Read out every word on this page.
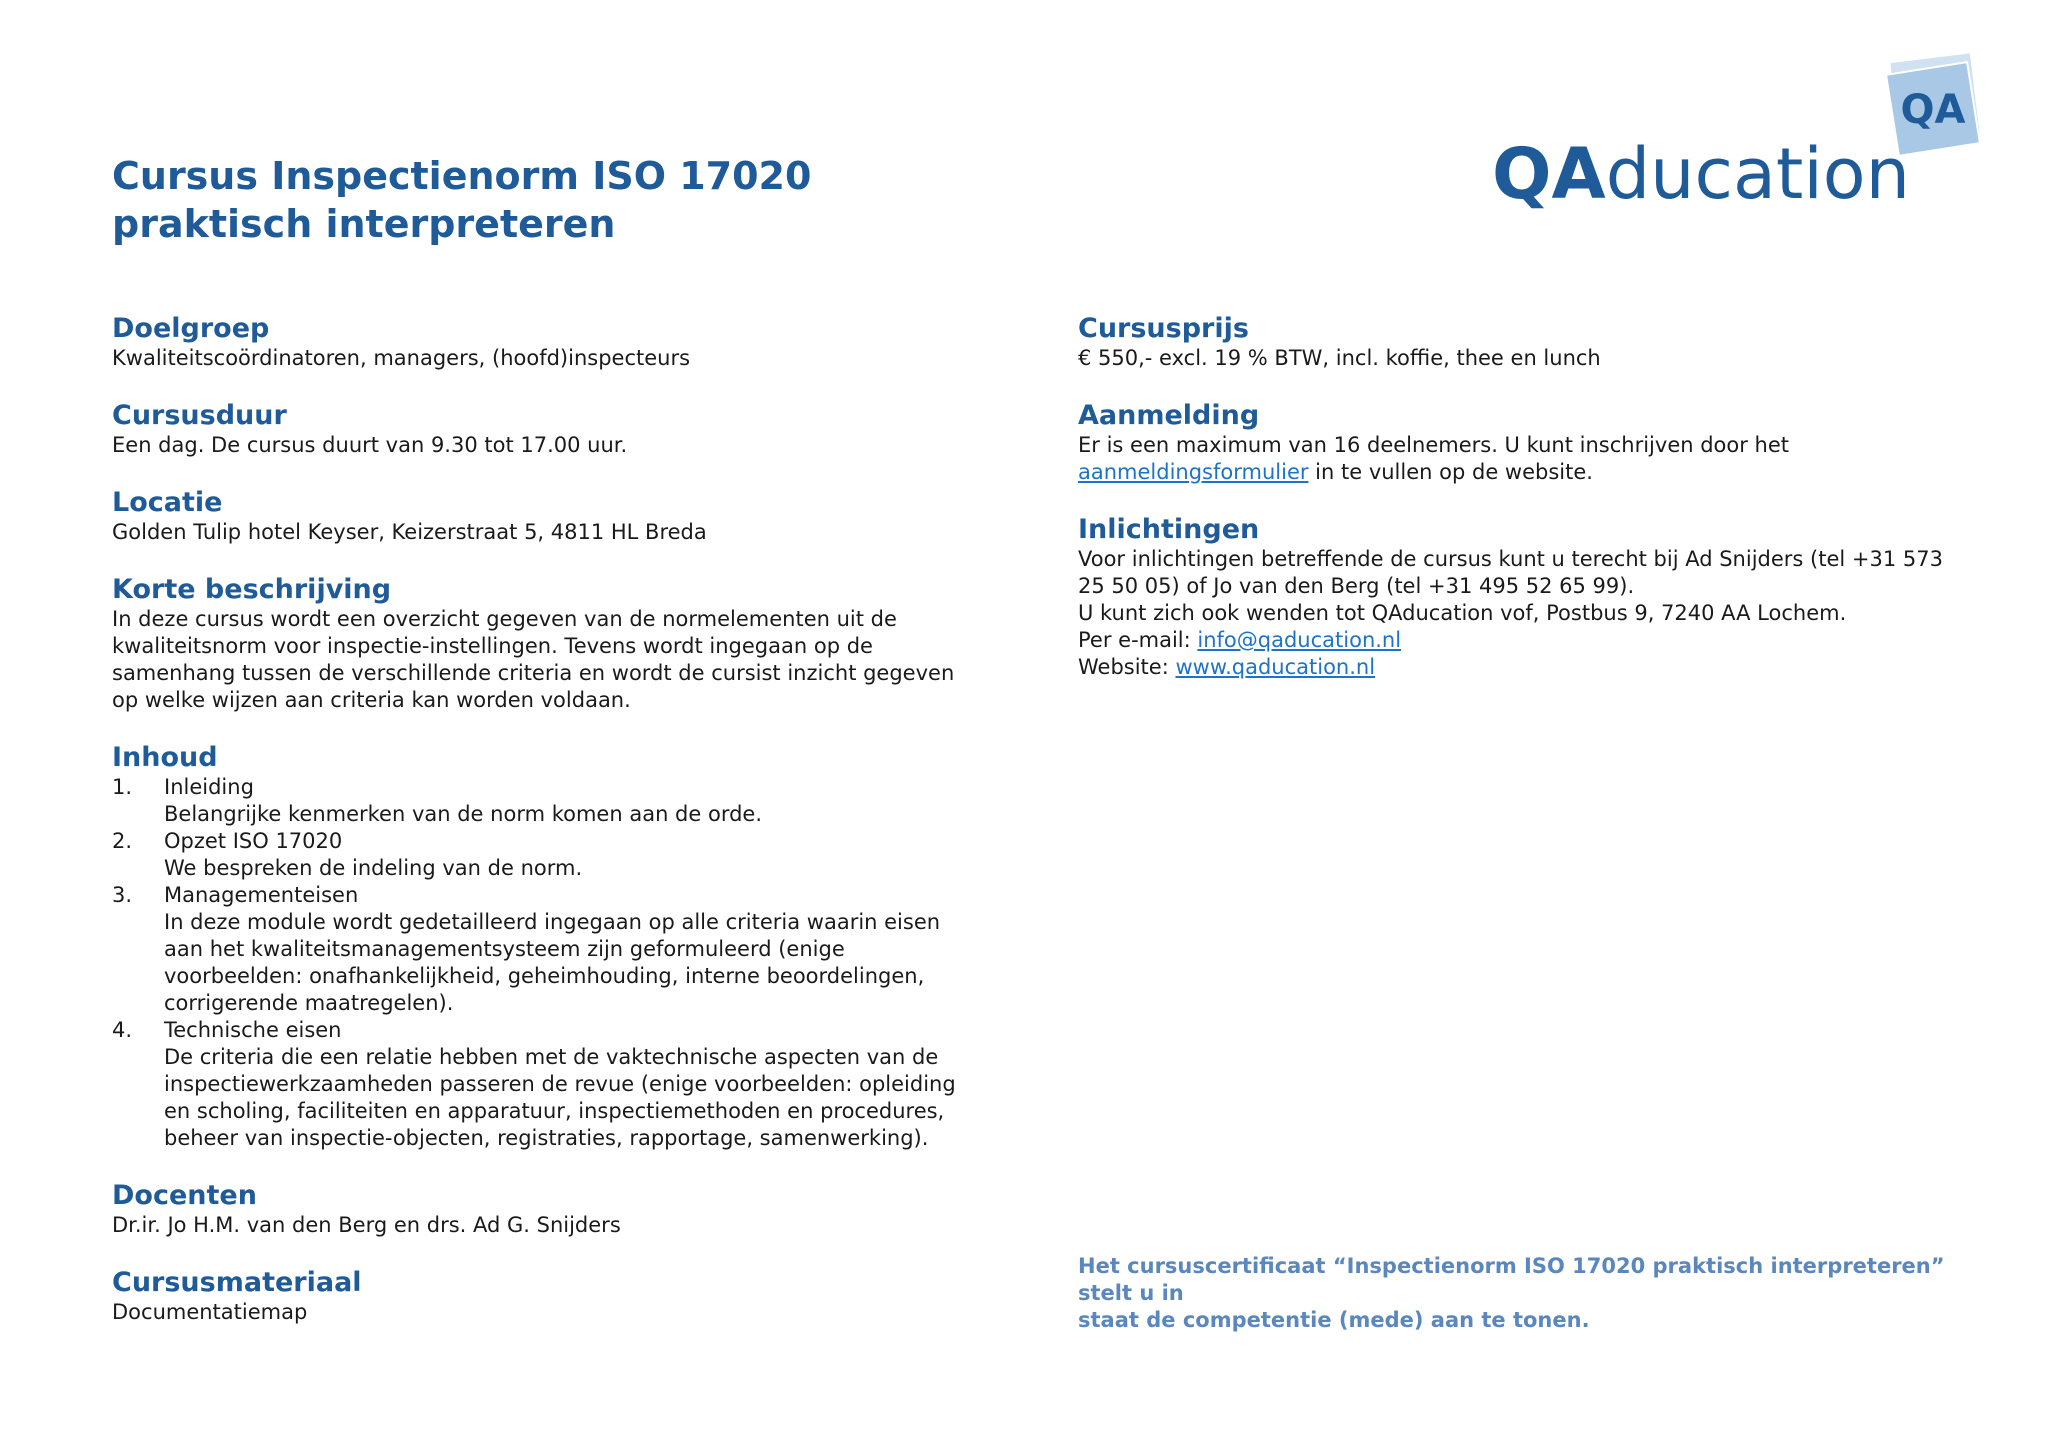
Cursus Inspectienorm ISO 17020 praktisch interpreteren
QA
QAducation
Doelgroep

Kwaliteitscoördinatoren, managers, (hoofd)inspecteurs

Cursusduur

Een dag. De cursus duurt van 9.30 tot 17.00 uur.

Locatie

Golden Tulip hotel Keyser, Keizerstraat 5, 4811 HL Breda

Korte beschrijving

In deze cursus wordt een overzicht gegeven van de normelementen uit de
kwaliteitsnorm voor inspectie-instellingen. Tevens wordt ingegaan op de
samenhang tussen de verschillende criteria en wordt de cursist inzicht gegeven
op welke wijzen aan criteria kan worden voldaan.

Inhoud
1. Inleiding
Belangrijke kenmerken van de norm komen aan de orde.
2. Opzet ISO 17020
We bespreken de indeling van de norm.
3. Managementeisen
In deze module wordt gedetailleerd ingegaan op alle criteria waarin eisen
aan het kwaliteitsmanagementsysteem zijn geformuleerd (enige
voorbeelden: onafhankelijkheid, geheimhouding, interne beoordelingen,
corrigerende maatregelen).
4. Technische eisen
De criteria die een relatie hebben met de vaktechnische aspecten van de
inspectiewerkzaamheden passeren de revue (enige voorbeelden: opleiding
en scholing, faciliteiten en apparatuur, inspectiemethoden en procedures,
beheer van inspectie-objecten, registraties, rapportage, samenwerking).
Docenten

Dr.ir. Jo H.M. van den Berg en drs. Ad G. Snijders

Cursusmateriaal

Documentatiemap

Cursusprijs

€ 550,- excl. 19 % BTW, incl. koffie, thee en lunch

Aanmelding

Er is een maximum van 16 deelnemers. U kunt inschrijven door het
aanmeldingsformulier in te vullen op de website.

Inlichtingen

Voor inlichtingen betreffende de cursus kunt u terecht bij Ad Snijders (tel +31 573
25 50 05) of Jo van den Berg (tel +31 495 52 65 99).
U kunt zich ook wenden tot QAducation vof, Postbus 9, 7240 AA Lochem.
Per e-mail: info@qaducation.nl
Website: www.qaducation.nl

Het cursuscertificaat “Inspectienorm ISO 17020 praktisch interpreteren” stelt u in
staat de competentie (mede) aan te tonen.
